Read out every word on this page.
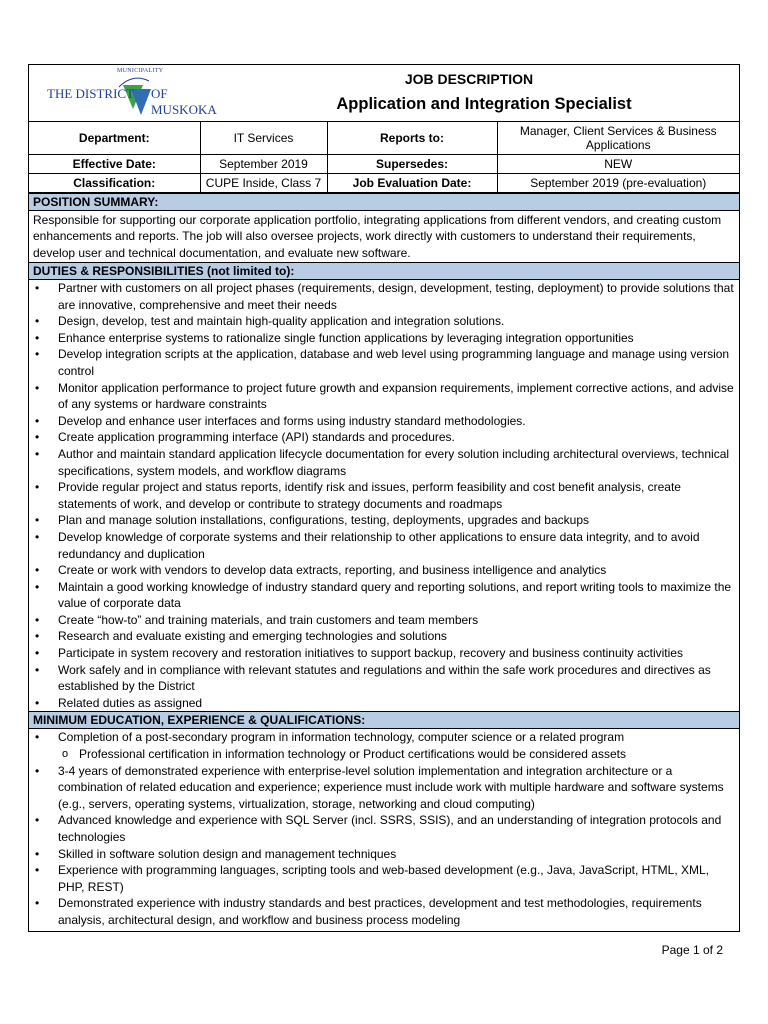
MUNICIPALITY
THE DISTRICT OF MUSKOKA
JOB DESCRIPTION
Application and Integration Specialist
Department:	IT Services	Reports to:	Manager, Client Services & Business Applications
Effective Date:	September 2019	Supersedes:	NEW
Classification:	CUPE Inside, Class 7	Job Evaluation Date:	September 2019 (pre-evaluation)
POSITION SUMMARY:
Responsible for supporting our corporate application portfolio, integrating applications from different vendors, and creating custom enhancements and reports. The job will also oversee projects, work directly with customers to understand their requirements, develop user and technical documentation, and evaluate new software.
DUTIES & RESPONSIBILITIES (not limited to):
• Partner with customers on all project phases (requirements, design, development, testing, deployment) to provide solutions that are innovative, comprehensive and meet their needs
• Design, develop, test and maintain high-quality application and integration solutions.
• Enhance enterprise systems to rationalize single function applications by leveraging integration opportunities
• Develop integration scripts at the application, database and web level using programming language and manage using version control
• Monitor application performance to project future growth and expansion requirements, implement corrective actions, and advise of any systems or hardware constraints
• Develop and enhance user interfaces and forms using industry standard methodologies.
• Create application programming interface (API) standards and procedures.
• Author and maintain standard application lifecycle documentation for every solution including architectural overviews, technical specifications, system models, and workflow diagrams
• Provide regular project and status reports, identify risk and issues, perform feasibility and cost benefit analysis, create statements of work, and develop or contribute to strategy documents and roadmaps
• Plan and manage solution installations, configurations, testing, deployments, upgrades and backups
• Develop knowledge of corporate systems and their relationship to other applications to ensure data integrity, and to avoid redundancy and duplication
• Create or work with vendors to develop data extracts, reporting, and business intelligence and analytics
• Maintain a good working knowledge of industry standard query and reporting solutions, and report writing tools to maximize the value of corporate data
• Create “how-to” and training materials, and train customers and team members
• Research and evaluate existing and emerging technologies and solutions
• Participate in system recovery and restoration initiatives to support backup, recovery and business continuity activities
• Work safely and in compliance with relevant statutes and regulations and within the safe work procedures and directives as established by the District
• Related duties as assigned
MINIMUM EDUCATION, EXPERIENCE & QUALIFICATIONS:
• Completion of a post-secondary program in information technology, computer science or a related program
o Professional certification in information technology or Product certifications would be considered assets
• 3-4 years of demonstrated experience with enterprise-level solution implementation and integration architecture or a combination of related education and experience; experience must include work with multiple hardware and software systems (e.g., servers, operating systems, virtualization, storage, networking and cloud computing)
• Advanced knowledge and experience with SQL Server (incl. SSRS, SSIS), and an understanding of integration protocols and technologies
• Skilled in software solution design and management techniques
• Experience with programming languages, scripting tools and web-based development (e.g., Java, JavaScript, HTML, XML, PHP, REST)
• Demonstrated experience with industry standards and best practices, development and test methodologies, requirements analysis, architectural design, and workflow and business process modeling
Page 1 of 2
